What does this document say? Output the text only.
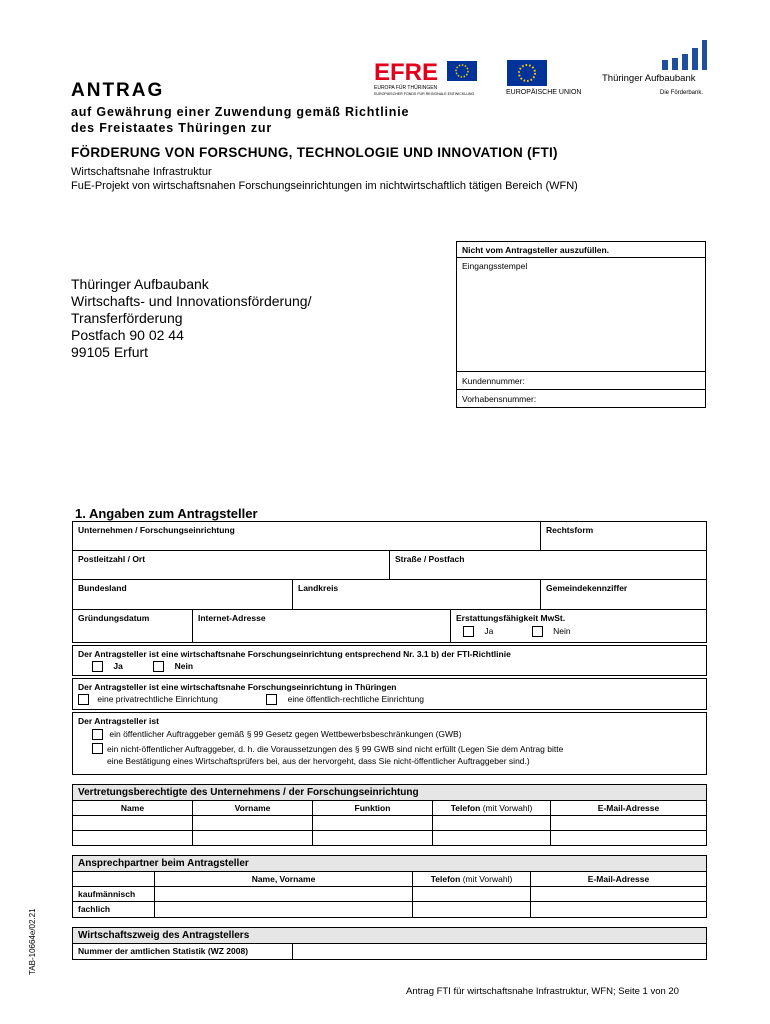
EFRE
EUROPA FÜR THÜRINGEN
EUROPÄISCHER FONDS FÜR REGIONALE ENTWICKLUNG	EUROPÄISCHE UNION
Thüringer Aufbaubank
Die Förderbank.
ANTRAG
auf Gewährung einer Zuwendung gemäß Richtlinie
des Freistaates Thüringen zur
FÖRDERUNG VON FORSCHUNG, TECHNOLOGIE UND INNOVATION (FTI)
Wirtschaftsnahe Infrastruktur
FuE-Projekt von wirtschaftsnahen Forschungseinrichtungen im nichtwirtschaftlich tätigen Bereich (WFN)
Thüringer Aufbaubank
Wirtschafts- und Innovationsförderung/
Transferförderung
Postfach 90 02 44
99105 Erfurt
Nicht vom Antragsteller auszufüllen.
Eingangsstempel
Kundennummer:
Vorhabensnummer:
1. Angaben zum Antragsteller
Unternehmen / Forschungseinrichtung	Rechtsform
Postleitzahl / Ort	Straße / Postfach
Bundesland	Landkreis	Gemeindekennziffer
Gründungsdatum	Internet-Adresse	Erstattungsfähigkeit MwSt.
Ja	Nein
Der Antragsteller ist eine wirtschaftsnahe Forschungseinrichtung entsprechend Nr. 3.1 b) der FTI-Richtlinie
Ja	Nein
Der Antragsteller ist eine wirtschaftsnahe Forschungseinrichtung in Thüringen
eine privatrechtliche Einrichtung	eine öffentlich-rechtliche Einrichtung
Der Antragsteller ist
ein öffentlicher Auftraggeber gemäß § 99 Gesetz gegen Wettbewerbsbeschränkungen (GWB)
ein nicht-öffentlicher Auftraggeber, d. h. die Voraussetzungen des § 99 GWB sind nicht erfüllt (Legen Sie dem Antrag bitte
eine Bestätigung eines Wirtschaftsprüfers bei, aus der hervorgeht, dass Sie nicht-öffentlicher Auftraggeber sind.)
Vertretungsberechtigte des Unternehmens / der Forschungseinrichtung
Name	Vorname	Funktion	Telefon (mit Vorwahl)	E-Mail-Adresse
Ansprechpartner beim Antragsteller
Name, Vorname	Telefon (mit Vorwahl)	E-Mail-Adresse
kaufmännisch
fachlich
Wirtschaftszweig des Antragstellers
Nummer der amtlichen Statistik (WZ 2008)
TAB-10664e/02.21
Antrag FTI für wirtschaftsnahe Infrastruktur, WFN; Seite 1 von 20
